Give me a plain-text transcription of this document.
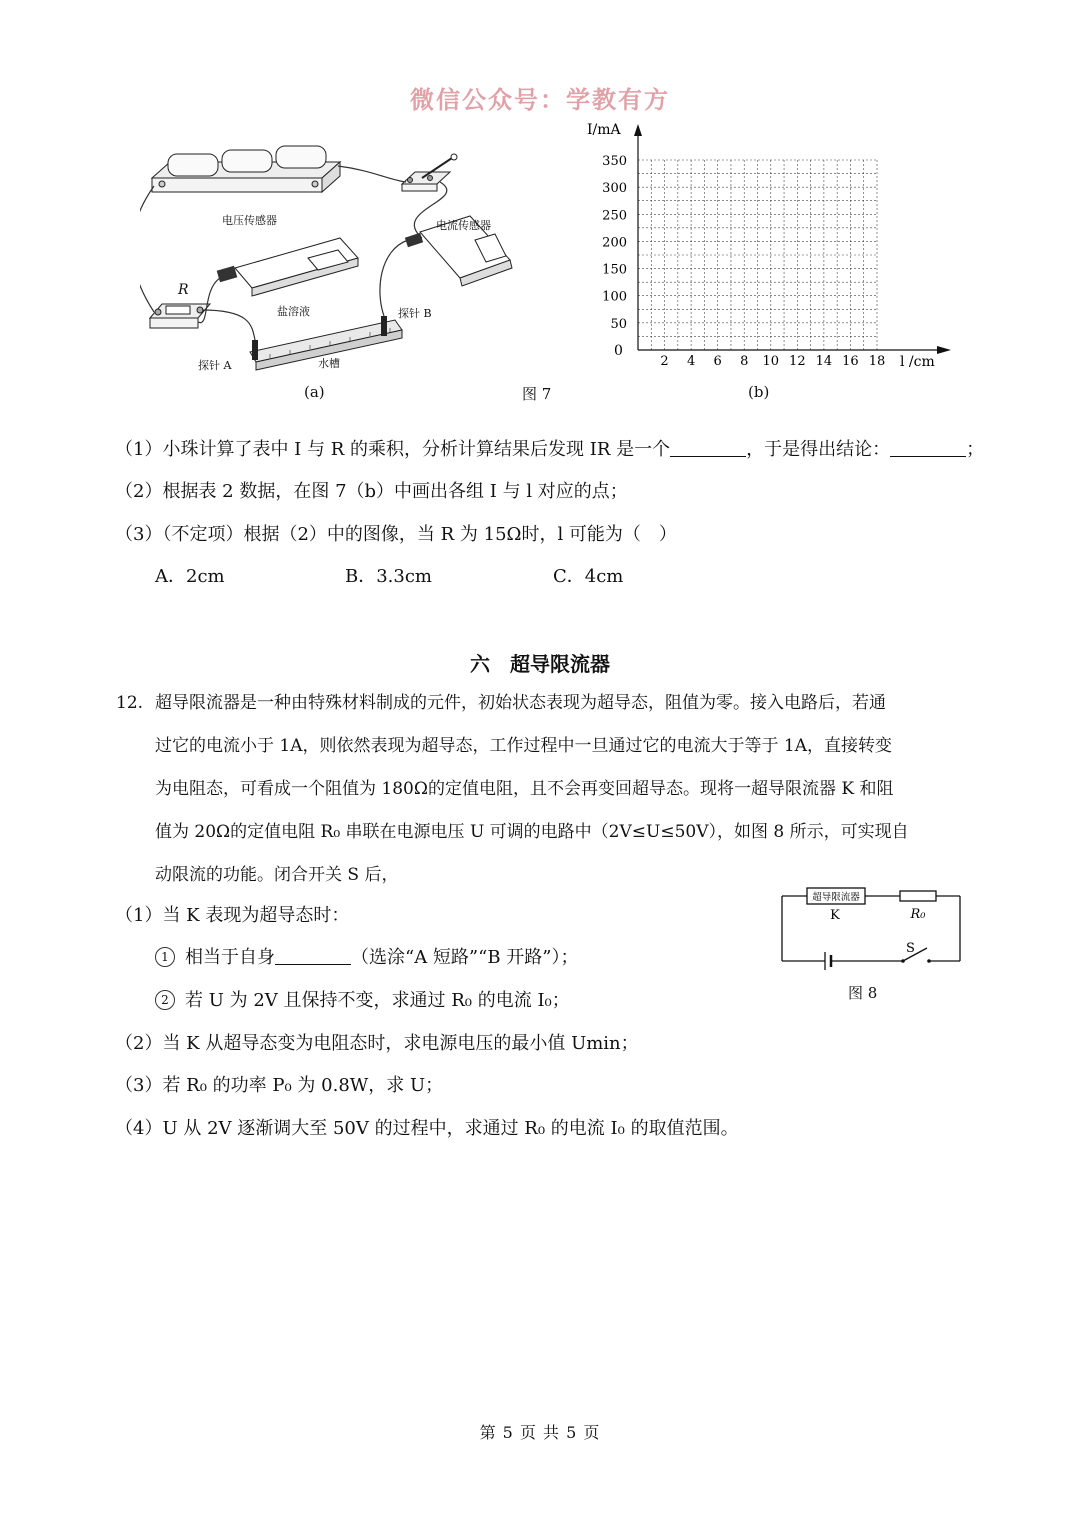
微信公众号：学教有方
电压传感器	电流传感器
R
盐溶液	探针 B
探针 A	水槽
(a)	图 7	(b)
I/mA
0
l /cm
350
300
250
200
150
100
50
2 4 6 8 10 12 14 16 18
（1）小珠计算了表中 I 与 R 的乘积，分析计算结果后发现 IR 是一个	，于是得出结论：	；
（2）根据表 2 数据，在图 7（b）中画出各组 I 与 l 对应的点；
（3）（不定项）根据（2）中的图像，当 R 为 15Ω时，l 可能为（　）
A．2cm	B．3.3cm	C．4cm
六　超导限流器
12. 超导限流器是一种由特殊材料制成的元件，初始状态表现为超导态，阻值为零。接入电路后，若通
过它的电流小于 1A，则依然表现为超导态，工作过程中一旦通过它的电流大于等于 1A，直接转变
为电阻态，可看成一个阻值为 180Ω的定值电阻，且不会再变回超导态。现将一超导限流器 K 和阻
值为 20Ω的定值电阻 R₀ 串联在电源电压 U 可调的电路中（2V≤U≤50V），如图 8 所示，可实现自
动限流的功能。闭合开关 S 后，
（1）当 K 表现为超导态时：
1 相当于自身	（选涂“A 短路”“B 开路”）；
2 若 U 为 2V 且保持不变，求通过 R₀ 的电流 I₀；
（2）当 K 从超导态变为电阻态时，求电源电压的最小值 Umin；
（3）若 R₀ 的功率 P₀ 为 0.8W，求 U；
（4）U 从 2V 逐渐调大至 50V 的过程中，求通过 R₀ 的电流 I₀ 的取值范围。
超导限流器
K	R₀
S
图 8
第 5 页 共 5 页
